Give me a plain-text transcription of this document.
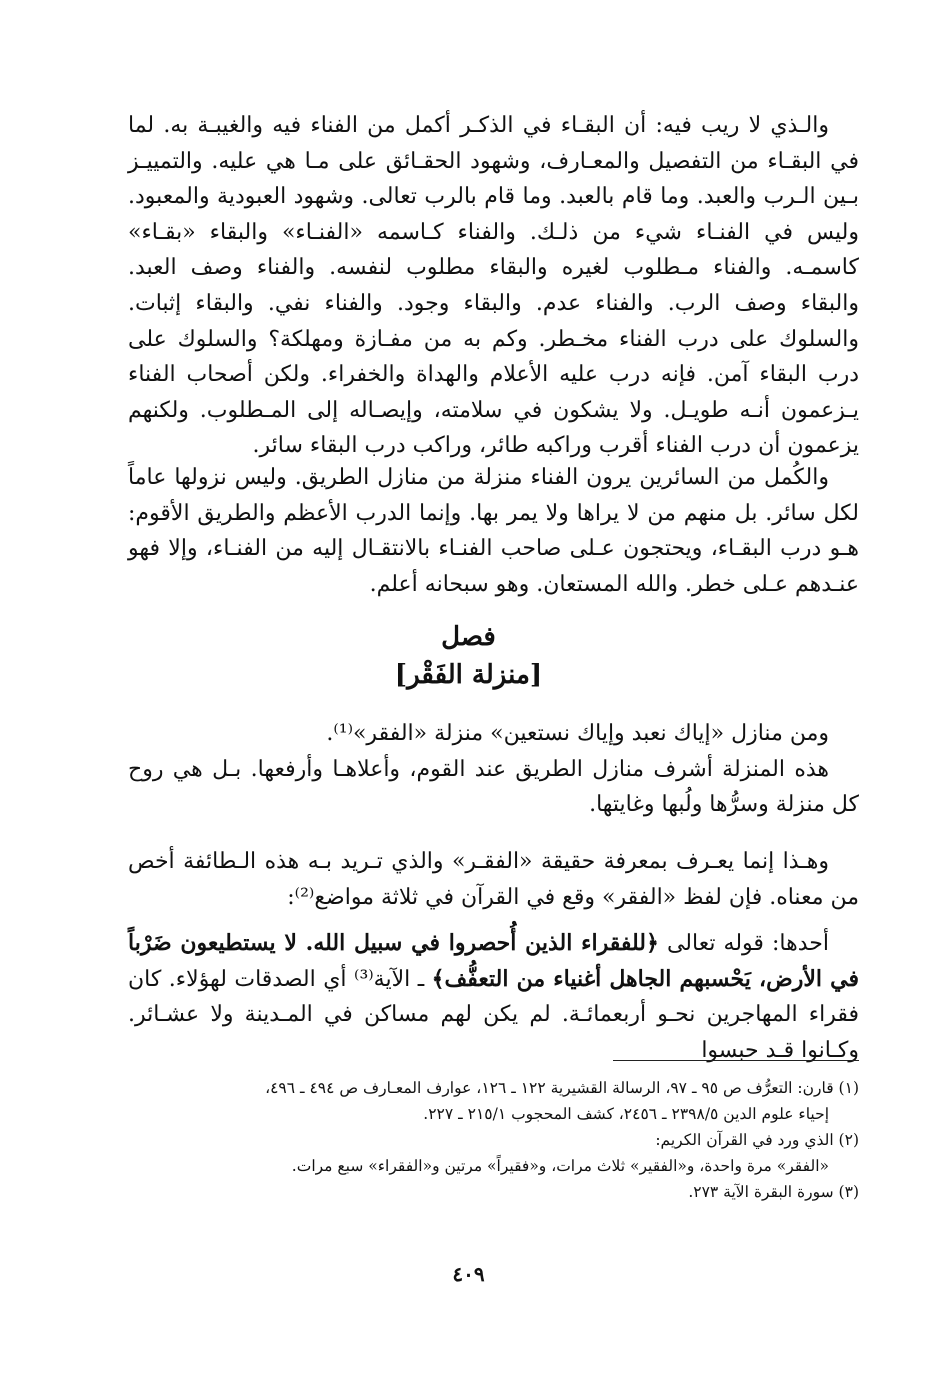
والـذي لا ريب فيه: أن البقـاء في الذكـر أكمل من الفناء فيه والغيبـة به. لما في البقـاء من التفصيل والمعـارف، وشهود الحقـائق على مـا هي عليه. والتمييـز بـين الـرب والعبد. وما قام بالعبد. وما قام بالرب تعالى. وشهود العبودية والمعبود. وليس في الفنـاء شيء من ذلـك. والفناء كـاسمه «الفنـاء» والبقاء «بقـاء» كاسمـه. والفناء مـطلوب لغيره والبقاء مطلوب لنفسه. والفناء وصف العبد. والبقاء وصف الرب. والفناء عدم. والبقاء وجود. والفناء نفي. والبقاء إثبات. والسلوك على درب الفناء مخـطر. وكم به من مفـازة ومهلكة؟ والسلوك على درب البقاء آمن. فإنه درب عليه الأعلام والهداة والخفراء. ولكن أصحاب الفناء يـزعمون أنـه طويـل. ولا يشكون في سلامته، وإيصـاله إلى المـطلوب. ولكنهم يزعمون أن درب الفناء أقرب وراكبه طائر، وراكب درب البقاء سائر.

والكُمل من السائرين يرون الفناء منزلة من منازل الطريق. وليس نزولها عاماً لكل سائر. بل منهم من لا يراها ولا يمر بها. وإنما الدرب الأعظم والطريق الأقوم: هـو درب البقـاء، ويحتجون عـلى صاحب الفنـاء بالانتقـال إليه من الفنـاء، وإلا فهو عنـدهم عـلى خطر. والله المستعان. وهو سبحانه أعلم.

فصل
[منزلة الفَقْر]

ومن منازل «إياك نعبد وإياك نستعين» منزلة «الفقر»⁽¹⁾.

هذه المنزلة أشرف منازل الطريق عند القوم، وأعلاهـا وأرفعها. بـل هي روح كل منزلة وسرُّها ولُبها وغايتها.

وهـذا إنما يعـرف بمعرفة حقيقة «الفقـر» والذي تـريد بـه هذه الـطائفة أخص من معناه. فإن لفظ «الفقر» وقع في القرآن في ثلاثة مواضع⁽²⁾:

أحدها: قوله تعالى ﴿للفقراء الذين أُحصروا في سبيل الله. لا يستطيعون ضَرْباً في الأرض، يَحْسبهم الجاهل أغنياء من التعفُّف﴾ ـ الآية⁽³⁾ أي الصدقات لهؤلاء. كان فقراء المهاجرين نحـو أربعمائـة. لم يكن لهم مساكن في المـدينة ولا عشـائر. وكـانوا قـد حبسوا

(١) قارن: التعرُّف ص ٩٥ ـ ٩٧، الرسالة القشيرية ١٢٢ ـ ١٢٦، عوارف المعـارف ص ٤٩٤ ـ ٤٩٦،

إحياء علوم الدين ٢٣٩٨/٥ ـ ٢٤٥٦، كشف المحجوب ٢١٥/١ ـ ٢٢٧.

(٢) الذي ورد في القرآن الكريم:

«الفقر» مرة واحدة، و«الفقير» ثلاث مرات، و«فقيراً» مرتين و«الفقراء» سبع مرات.

(٣) سورة البقرة الآية ٢٧٣.

٤٠٩
